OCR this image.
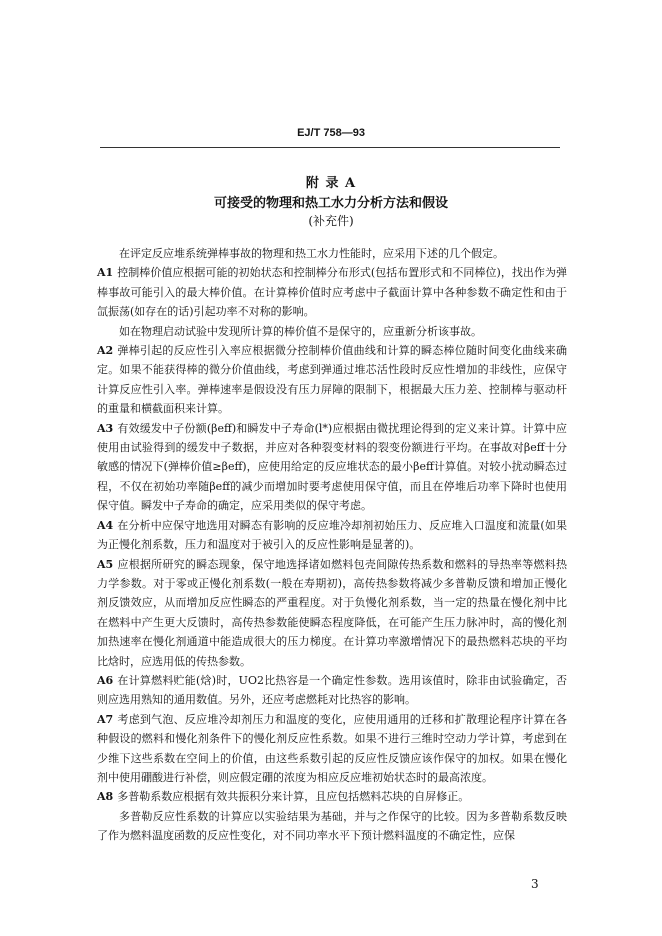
EJ/T 758—93
附 录 A
可接受的物理和热工水力分析方法和假设
(补充件)

在评定反应堆系统弹棒事故的物理和热工水力性能时，应采用下述的几个假定。

A1 控制棒价值应根据可能的初始状态和控制棒分布形式(包括布置形式和不同棒位)，找出作为弹棒事故可能引入的最大棒价值。在计算棒价值时应考虑中子截面计算中各种参数不确定性和由于氙振荡(如存在的话)引起功率不对称的影响。

如在物理启动试验中发现所计算的棒价值不是保守的，应重新分析该事故。

A2 弹棒引起的反应性引入率应根据微分控制棒价值曲线和计算的瞬态棒位随时间变化曲线来确定。如果不能获得棒的微分价值曲线，考虑到弹通过堆芯活性段时反应性增加的非线性，应保守计算反应性引入率。弹棒速率是假设没有压力屏障的限制下，根据最大压力差、控制棒与驱动杆的重量和横截面积来计算。

A3 有效缓发中子份额(βeff)和瞬发中子寿命(l*)应根据由微扰理论得到的定义来计算。计算中应使用由试验得到的缓发中子数据，并应对各种裂变材料的裂变份额进行平均。在事故对βeff十分敏感的情况下(弹棒价值≥βeff)，应使用给定的反应堆状态的最小βeff计算值。对较小扰动瞬态过程，不仅在初始功率随βeff的减少而增加时要考虑使用保守值，而且在停堆后功率下降时也使用保守值。瞬发中子寿命的确定，应采用类似的保守考虑。

A4 在分析中应保守地选用对瞬态有影响的反应堆冷却剂初始压力、反应堆入口温度和流量(如果为正慢化剂系数，压力和温度对于被引入的反应性影响是显著的)。

A5 应根据所研究的瞬态现象，保守地选择诸如燃料包壳间隙传热系数和燃料的导热率等燃料热力学参数。对于零或正慢化剂系数(一般在寿期初)，高传热参数将减少多普勒反馈和增加正慢化剂反馈效应，从而增加反应性瞬态的严重程度。对于负慢化剂系数，当一定的热量在慢化剂中比在燃料中产生更大反馈时，高传热参数能使瞬态程度降低，在可能产生压力脉冲时，高的慢化剂加热速率在慢化剂通道中能造成很大的压力梯度。在计算功率激增情况下的最热燃料芯块的平均比焓时，应选用低的传热参数。

A6 在计算燃料贮能(焓)时，UO2比热容是一个确定性参数。选用该值时，除非由试验确定，否则应选用熟知的通用数值。另外，还应考虑燃耗对比热容的影响。

A7 考虑到气泡、反应堆冷却剂压力和温度的变化，应使用通用的迁移和扩散理论程序计算在各种假设的燃料和慢化剂条件下的慢化剂反应性系数。如果不进行三维时空动力学计算，考虑到在少维下这些系数在空间上的价值，由这些系数引起的反应性反馈应该作保守的加权。如果在慢化剂中使用硼酸进行补偿，则应假定硼的浓度为相应反应堆初始状态时的最高浓度。

A8 多普勒系数应根据有效共振积分来计算，且应包括燃料芯块的自屏修正。

多普勒反应性系数的计算应以实验结果为基础，并与之作保守的比较。因为多普勒系数反映了作为燃料温度函数的反应性变化，对不同功率水平下预计燃料温度的不确定性，应保

3
